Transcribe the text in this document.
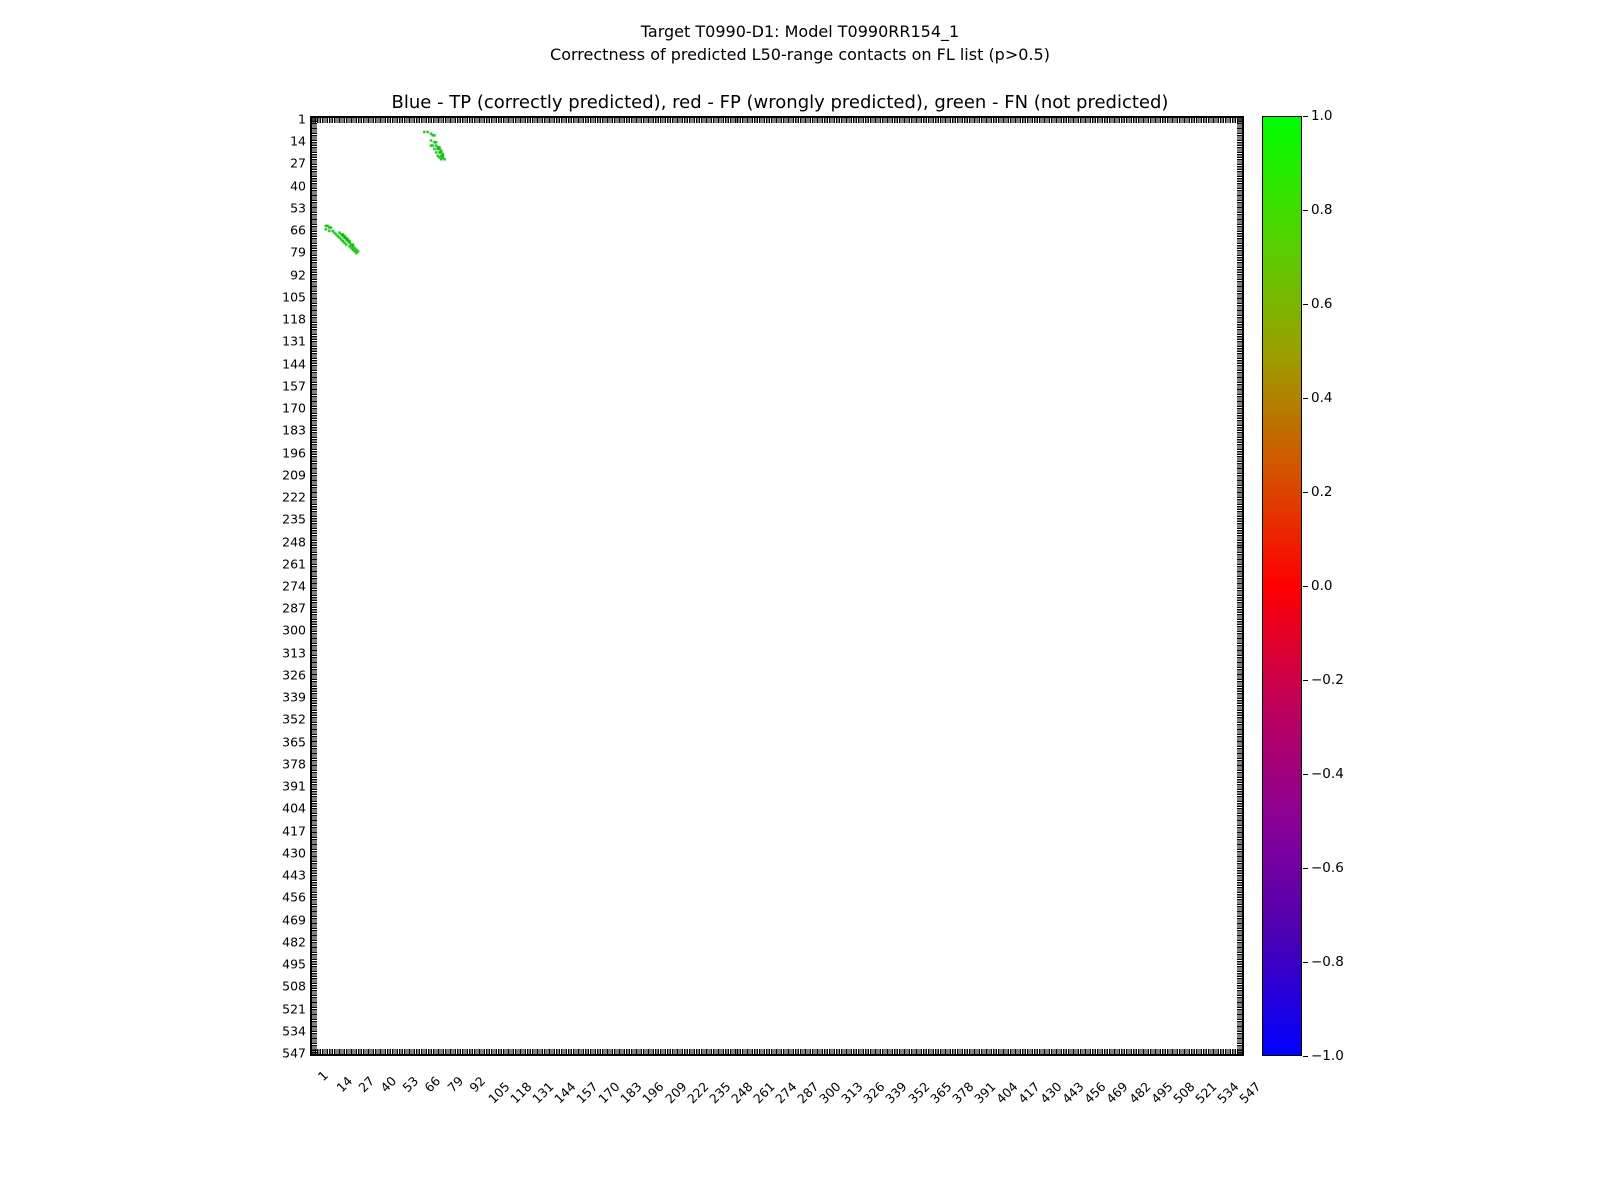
Target T0990-D1: Model T0990RR154_1
Correctness of predicted L50-range contacts on FL list (p>0.5)
Blue - TP (correctly predicted), red - FP (wrongly predicted), green - FN (not predicted)
1
14
27
40
53
66
79
92
105
118
131
144
157
170
183
196
209
222
235
248
261
274
287
300
313
326
339
352
365
378
391
404
417
430
443
456
469
482
495
508
521
534
547
1 14 27 40 53 66 79 92
105
118
131
144
157
170
183
196
209
222
235
248
261
274
287
300
313
326
339
352
365
378
391
404
417
430
443
456
469
482
495
508
521
534
547
1.0
0.8
0.6
0.4
0.2
0.0
−0.2
−0.4
−0.6
−0.8
−1.0
